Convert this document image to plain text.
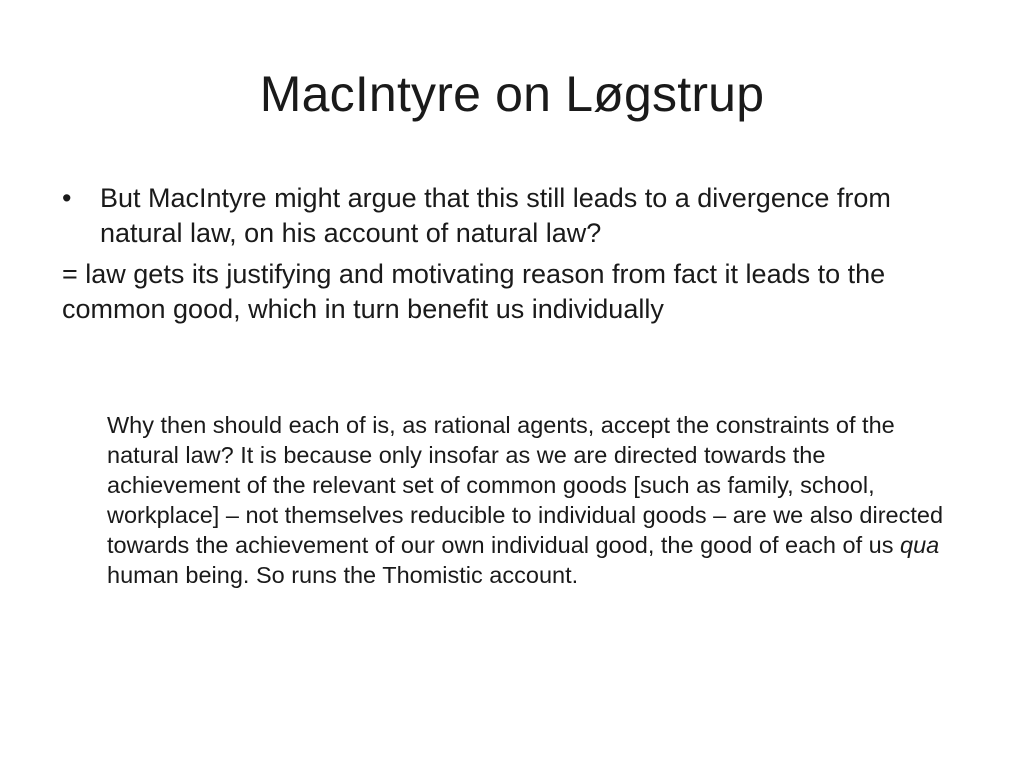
MacIntyre on Løgstrup
•	But MacIntyre might argue that this still leads to a divergence from natural law, on his account of natural law?

= law gets its justifying and motivating reason from fact it leads to the common good, which in turn benefit us individually

Why then should each of is, as rational agents, accept the constraints of the natural law? It is because only insofar as we are directed towards the achievement of the relevant set of common goods [such as family, school, workplace] – not themselves reducible to individual goods – are we also directed towards the achievement of our own individual good, the good of each of us qua human being. So runs the Thomistic account.
